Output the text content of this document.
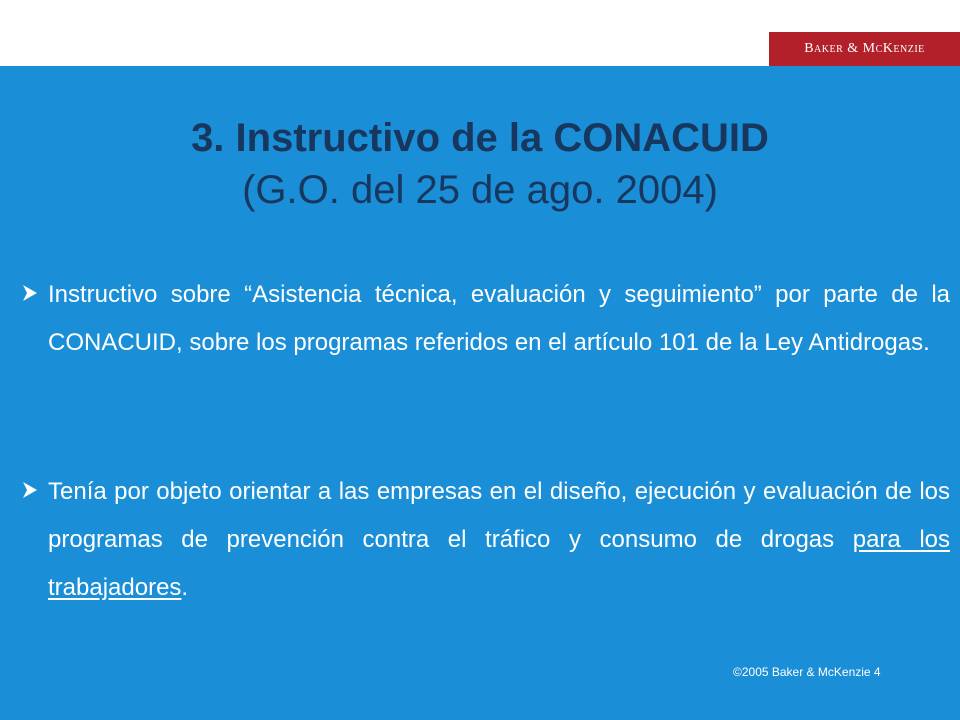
Baker & McKenzie
3. Instructivo de la CONACUID
(G.O. del 25 de ago. 2004)
Instructivo sobre “Asistencia técnica, evaluación y seguimiento” por parte de la CONACUID, sobre los programas referidos en el artículo 101 de la Ley Antidrogas.
Tenía por objeto orientar a las empresas en el diseño, ejecución y evaluación de los programas de prevención contra el tráfico y consumo de drogas para los trabajadores.
©2005 Baker & McKenzie 4
